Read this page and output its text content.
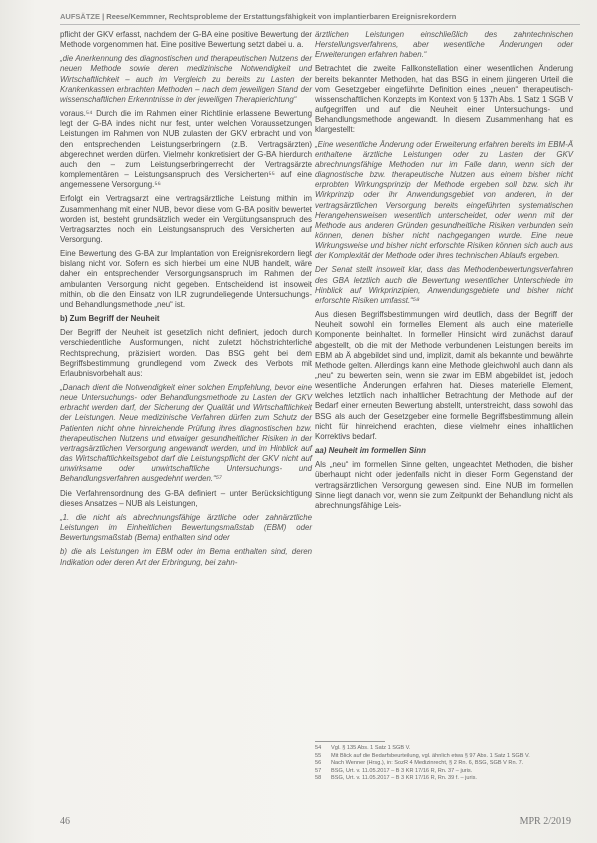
AUFSÄTZE | Reese/Kemmner, Rechtsprobleme der Erstattungsfähigkeit von implantierbaren Ereignisrekordern

pflicht der GKV erfasst, nachdem der G-BA eine positive Bewertung der Methode vorgenommen hat. Eine positive Bewertung setzt dabei u. a.

„die Anerkennung des diagnostischen und therapeutischen Nutzens der neuen Methode sowie deren medizinische Notwendigkeit und Wirtschaftlichkeit – auch im Vergleich zu bereits zu Lasten der Krankenkassen erbrachten Methoden – nach dem jeweiligen Stand der wissenschaftlichen Erkenntnisse in der jeweiligen Therapierichtung“

voraus.⁵⁴ Durch die im Rahmen einer Richtlinie erlassene Bewertung legt der G-BA indes nicht nur fest, unter welchen Voraussetzungen Leistungen im Rahmen von NUB zulasten der GKV erbracht und von den entsprechenden Leistungserbringern (z.B. Vertragsärzten) abgerechnet werden dürfen. Vielmehr konkretisiert der G-BA hierdurch auch den – zum Leistungserbringerrecht der Vertragsärzte komplementären – Leistungsanspruch des Versicherten⁵⁵ auf eine angemessene Versorgung.⁵⁶

Erfolgt ein Vertragsarzt eine vertragsärztliche Leistung mithin im Zusammenhang mit einer NUB, bevor diese vom G-BA positiv bewertet worden ist, besteht grundsätzlich weder ein Vergütungsanspruch des Vertragsarztes noch ein Leistungsanspruch des Versicherten auf Versorgung.

Eine Bewertung des G-BA zur Implantation von Ereignisrekordern liegt bislang nicht vor. Sofern es sich hierbei um eine NUB handelt, wäre daher ein entsprechender Versorgungsanspruch im Rahmen der ambulanten Versorgung nicht gegeben. Entscheidend ist insoweit mithin, ob die den Einsatz von ILR zugrundeliegende Untersuchungs- und Behandlungsmethode „neu“ ist.

b) Zum Begriff der Neuheit

Der Begriff der Neuheit ist gesetzlich nicht definiert, jedoch durch verschiedentliche Ausformungen, nicht zuletzt höchstrichterliche Rechtsprechung, präzisiert worden. Das BSG geht bei dem Begriffsbestimmung grundlegend vom Zweck des Verbots mit Erlaubnisvorbehalt aus:

„Danach dient die Notwendigkeit einer solchen Empfehlung, bevor eine neue Untersuchungs- oder Behandlungsmethode zu Lasten der GKV erbracht werden darf, der Sicherung der Qualität und Wirtschaftlichkeit der Leistungen. Neue medizinische Verfahren dürfen zum Schutz der Patienten nicht ohne hinreichende Prüfung ihres diagnostischen bzw. therapeutischen Nutzens und etwaiger gesundheitlicher Risiken in der vertragsärztlichen Versorgung angewandt werden, und im Hinblick auf das Wirtschaftlichkeitsgebot darf die Leistungspflicht der GKV nicht auf unwirksame oder unwirtschaftliche Untersuchungs- und Behandlungsverfahren ausgedehnt werden.“⁵⁷

Die Verfahrensordnung des G-BA definiert – unter Berücksichtigung dieses Ansatzes – NUB als Leistungen,

„1. die nicht als abrechnungsfähige ärztliche oder zahnärztliche Leistungen im Einheitlichen Bewertungsmaßstab (EBM) oder Bewertungsmaßstab (Bema) enthalten sind oder

b) die als Leistungen im EBM oder im Bema enthalten sind, deren Indikation oder deren Art der Erbringung, bei zahn-

ärztlichen Leistungen einschließlich des zahntechnischen Herstellungsverfahrens, aber wesentliche Änderungen oder Erweiterungen erfahren haben.“

Betrachtet die zweite Fallkonstellation einer wesentlichen Änderung bereits bekannter Methoden, hat das BSG in einem jüngeren Urteil die vom Gesetzgeber eingeführte Definition eines „neuen“ therapeutisch-wissenschaftlichen Konzepts im Kontext von § 137h Abs. 1 Satz 1 SGB V aufgegriffen und auf die Neuheit einer Untersuchungs- und Behandlungsmethode angewandt. In diesem Zusammenhang hat es klargestellt:

„Eine wesentliche Änderung oder Erweiterung erfahren bereits im EBM-Ä enthaltene ärztliche Leistungen oder zu Lasten der GKV abrechnungsfähige Methoden nur im Falle dann, wenn sich der diagnostische bzw. therapeutische Nutzen aus einem bisher nicht erprobten Wirkungsprinzip der Methode ergeben soll bzw. sich ihr Wirkprinzip oder ihr Anwendungsgebiet von anderen, in der vertragsärztlichen Versorgung bereits eingeführten systematischen Herangehensweisen wesentlich unterscheidet, oder wenn mit der Methode aus anderen Gründen gesundheitliche Risiken verbunden sein können, denen bisher nicht nachgegangen wurde. Eine neue Wirkungsweise und bisher nicht erforschte Risiken können sich auch aus der Komplexität der Methode oder ihres technischen Ablaufs ergeben.

Der Senat stellt insoweit klar, dass das Methodenbewertungsverfahren des GBA letztlich auch die Bewertung wesentlicher Unterschiede im Hinblick auf Wirkprinzipien, Anwendungsgebiete und bisher nicht erforschte Risiken umfasst.“⁵⁸

Aus diesen Begriffsbestimmungen wird deutlich, dass der Begriff der Neuheit sowohl ein formelles Element als auch eine materielle Komponente beinhaltet. In formeller Hinsicht wird zunächst darauf abgestellt, ob die mit der Methode verbundenen Leistungen bereits im EBM ab Ä abgebildet sind und, implizit, damit als bekannte und bewährte Methode gelten. Allerdings kann eine Methode gleichwohl auch dann als „neu“ zu bewerten sein, wenn sie zwar im EBM abgebildet ist, jedoch wesentliche Änderungen erfahren hat. Dieses materielle Element, welches letztlich nach inhaltlicher Betrachtung der Methode auf der Bedarf einer erneuten Bewertung abstellt, unterstreicht, dass sowohl das BSG als auch der Gesetzgeber eine formelle Begriffsbestimmung allein nicht für hinreichend erachten, diese vielmehr eines inhaltlichen Korrektivs bedarf.

aa) Neuheit im formellen Sinn

Als „neu“ im formellen Sinne gelten, ungeachtet Methoden, die bisher überhaupt nicht oder jedenfalls nicht in dieser Form Gegenstand der vertragsärztlichen Versorgung gewesen sind. Eine NUB im formellen Sinne liegt danach vor, wenn sie zum Zeitpunkt der Behandlung nicht als abrechnungsfähige Leis-

54 Vgl. § 135 Abs. 1 Satz 1 SGB V.
55 Mit Blick auf die Bedarfsbeurteilung, vgl. ähnlich etwa § 97 Abs. 1 Satz 1 SGB V.
56 Nach Wenner (Hrsg.), in: SozR 4 Medizinrecht, § 2 Rn. 6, BSG, SGB V Rn. 7.
57 BSG, Urt. v. 11.05.2017 – B 3 KR 17/16 R, Rn. 37 – juris.
58 BSG, Urt. v. 11.05.2017 – B 3 KR 17/16 R, Rn. 39 f. – juris.
46	MPR 2/2019
